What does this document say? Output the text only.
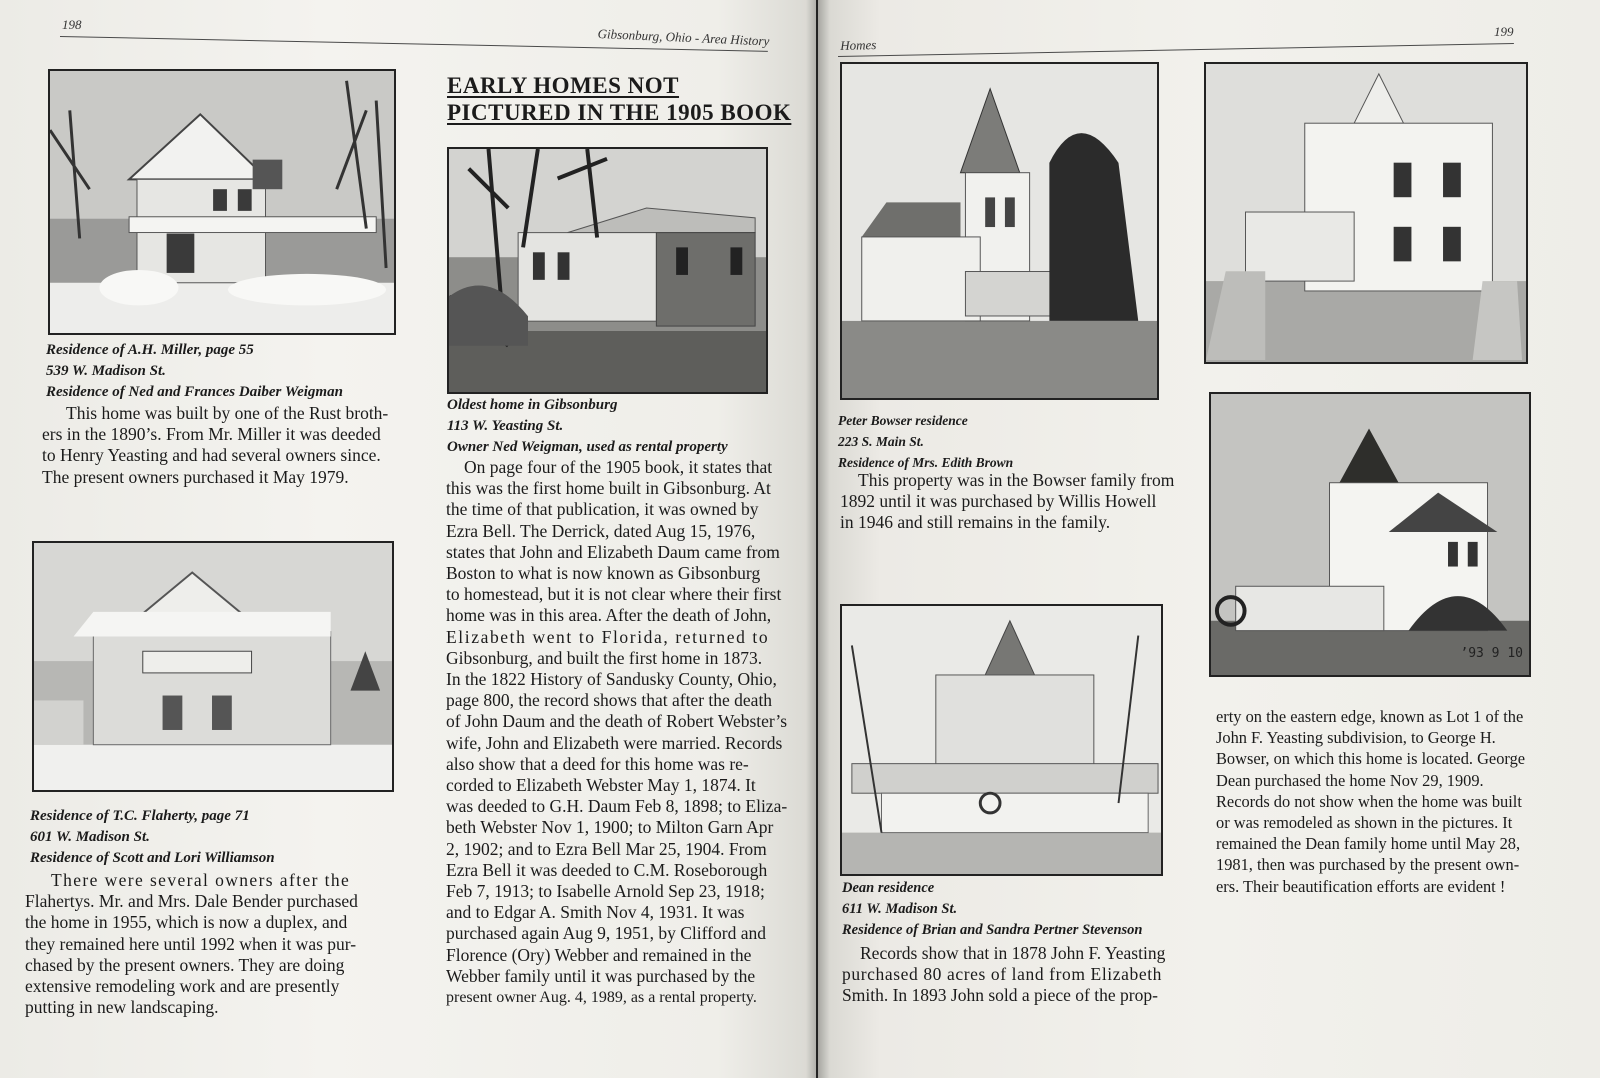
198
Gibsonburg, Ohio - Area History
Residence of A.H. Miller, page 55
539 W. Madison St.
Residence of Ned and Frances Daiber Weigman
This home was built by one of the Rust broth-
ers in the 1890’s. From Mr. Miller it was deeded
to Henry Yeasting and had several owners since.
The present owners purchased it May 1979.
Residence of T.C. Flaherty, page 71
601 W. Madison St.
Residence of Scott and Lori Williamson
There were several owners after the
Flahertys. Mr. and Mrs. Dale Bender purchased
the home in 1955, which is now a duplex, and
they remained here until 1992 when it was pur-
chased by the present owners. They are doing
extensive remodeling work and are presently
putting in new landscaping.
EARLY HOMES NOT
PICTURED IN THE 1905 BOOK
Oldest home in Gibsonburg
113 W. Yeasting St.
Owner Ned Weigman, used as rental property
On page four of the 1905 book, it states that
this was the first home built in Gibsonburg. At
the time of that publication, it was owned by
Ezra Bell. The Derrick, dated Aug 15, 1976,
states that John and Elizabeth Daum came from
Boston to what is now known as Gibsonburg
to homestead, but it is not clear where their first
home was in this area. After the death of John,
Elizabeth went to Florida, returned to
Gibsonburg, and built the first home in 1873.
In the 1822 History of Sandusky County, Ohio,
page 800, the record shows that after the death
of John Daum and the death of Robert Webster’s
wife, John and Elizabeth were married. Records
also show that a deed for this home was re-
corded to Elizabeth Webster May 1, 1874. It
was deeded to G.H. Daum Feb 8, 1898; to Eliza-
beth Webster Nov 1, 1900; to Milton Garn Apr
2, 1902; and to Ezra Bell Mar 25, 1904. From
Ezra Bell it was deeded to C.M. Roseborough
Feb 7, 1913; to Isabelle Arnold Sep 23, 1918;
and to Edgar A. Smith Nov 4, 1931. It was
purchased again Aug 9, 1951, by Clifford and
Florence (Ory) Webber and remained in the
Webber family until it was purchased by the
present owner Aug. 4, 1989, as a rental property.
Homes
199
Peter Bowser residence
223 S. Main St.
Residence of Mrs. Edith Brown
This property was in the Bowser family from
1892 until it was purchased by Willis Howell
in 1946 and still remains in the family.
Dean residence
611 W. Madison St.
Residence of Brian and Sandra Pertner Stevenson
Records show that in 1878 John F. Yeasting
purchased 80 acres of land from Elizabeth
Smith. In 1893 John sold a piece of the prop-
’93 9 10
erty on the eastern edge, known as Lot 1 of the
John F. Yeasting subdivision, to George H.
Bowser, on which this home is located. George
Dean purchased the home Nov 29, 1909.
Records do not show when the home was built
or was remodeled as shown in the pictures. It
remained the Dean family home until May 28,
1981, then was purchased by the present own-
ers. Their beautification efforts are evident !
